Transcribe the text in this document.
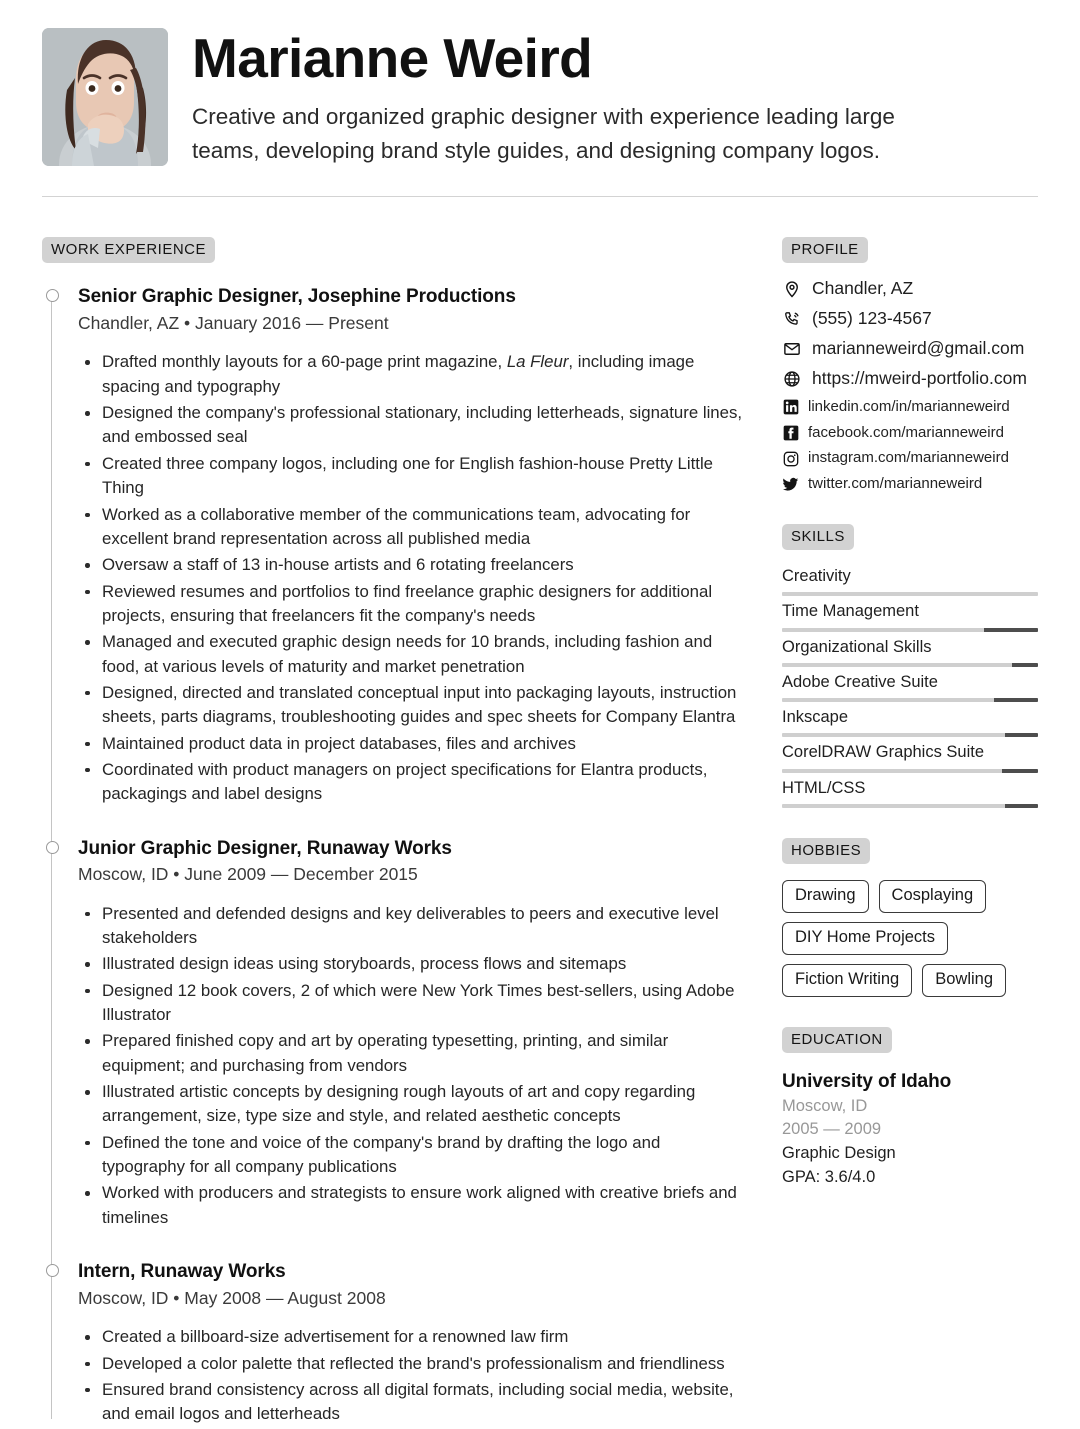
Marianne Weird
Creative and organized graphic designer with experience leading large teams, developing brand style guides, and designing company logos.
WORK EXPERIENCE
Senior Graphic Designer, Josephine Productions
Chandler, AZ • January 2016 — Present
Drafted monthly layouts for a 60-page print magazine, La Fleur, including image spacing and typography
Designed the company's professional stationary, including letterheads, signature lines, and embossed seal
Created three company logos, including one for English fashion-house Pretty Little Thing
Worked as a collaborative member of the communications team, advocating for excellent brand representation across all published media
Oversaw a staff of 13 in-house artists and 6 rotating freelancers
Reviewed resumes and portfolios to find freelance graphic designers for additional projects, ensuring that freelancers fit the company's needs
Managed and executed graphic design needs for 10 brands, including fashion and food, at various levels of maturity and market penetration
Designed, directed and translated conceptual input into packaging layouts, instruction sheets, parts diagrams, troubleshooting guides and spec sheets for Company Elantra
Maintained product data in project databases, files and archives
Coordinated with product managers on project specifications for Elantra products, packagings and label designs
Junior Graphic Designer, Runaway Works
Moscow, ID • June 2009 — December 2015
Presented and defended designs and key deliverables to peers and executive level stakeholders
Illustrated design ideas using storyboards, process flows and sitemaps
Designed 12 book covers, 2 of which were New York Times best-sellers, using Adobe Illustrator
Prepared finished copy and art by operating typesetting, printing, and similar equipment; and purchasing from vendors
Illustrated artistic concepts by designing rough layouts of art and copy regarding arrangement, size, type size and style, and related aesthetic concepts
Defined the tone and voice of the company's brand by drafting the logo and typography for all company publications
Worked with producers and strategists to ensure work aligned with creative briefs and timelines
Intern, Runaway Works
Moscow, ID • May 2008 — August 2008
Created a billboard-size advertisement for a renowned law firm
Developed a color palette that reflected the brand's professionalism and friendliness
Ensured brand consistency across all digital formats, including social media, website, and email logos and letterheads
PROFILE
Chandler, AZ
(555) 123-4567
marianneweird@gmail.com
https://mweird-portfolio.com
linkedin.com/in/marianneweird
facebook.com/marianneweird
instagram.com/marianneweird
twitter.com/marianneweird
SKILLS
Creativity
Time Management
Organizational Skills
Adobe Creative Suite
Inkscape
CorelDRAW Graphics Suite
HTML/CSS
HOBBIES
Drawing	Cosplaying
DIY Home Projects
Fiction Writing	Bowling
EDUCATION
University of Idaho
Moscow, ID
2005 — 2009
Graphic Design
GPA: 3.6/4.0
